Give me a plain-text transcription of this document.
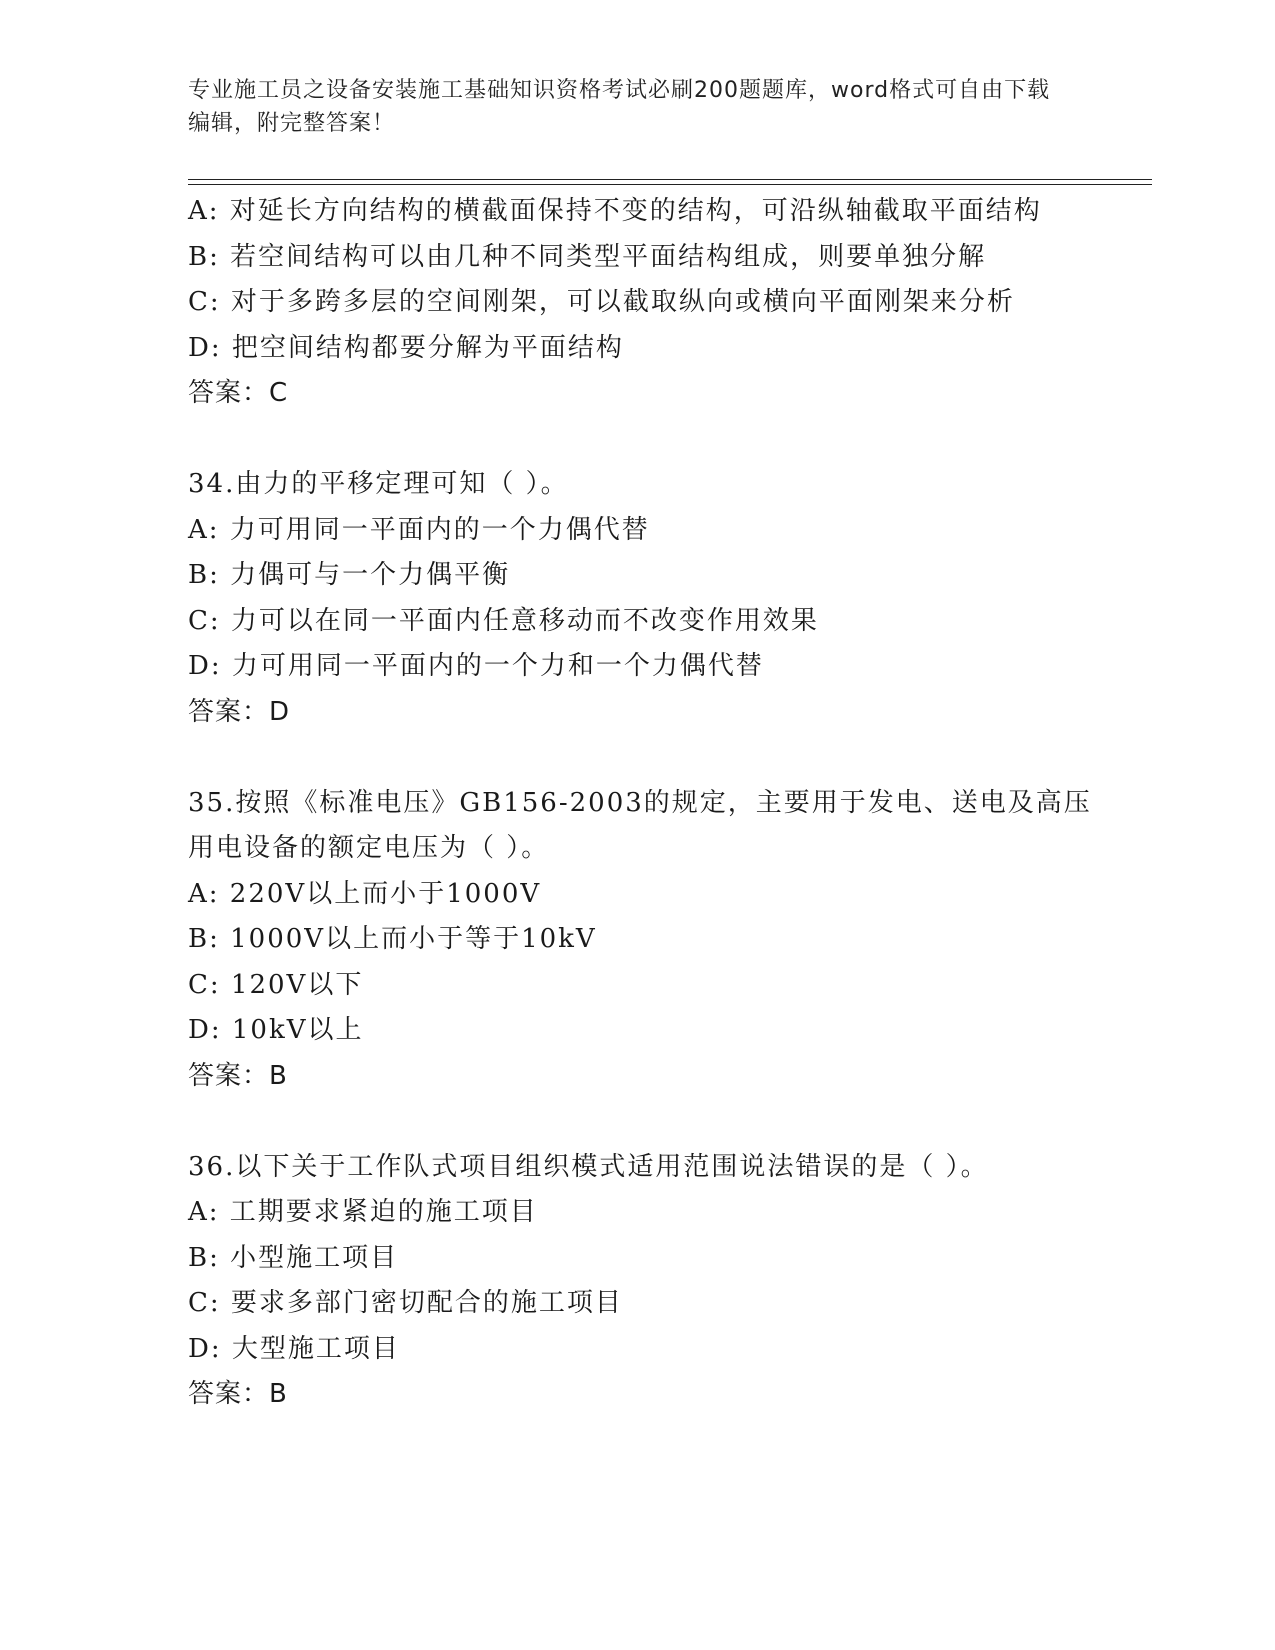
专业施工员之设备安装施工基础知识资格考试必刷200题题库，word格式可自由下载编辑，附完整答案！
A: 对延长方向结构的横截面保持不变的结构，可沿纵轴截取平面结构
B: 若空间结构可以由几种不同类型平面结构组成，则要单独分解
C: 对于多跨多层的空间刚架，可以截取纵向或横向平面刚架来分析
D: 把空间结构都要分解为平面结构
答案：C
34.由力的平移定理可知（ ）。
A: 力可用同一平面内的一个力偶代替
B: 力偶可与一个力偶平衡
C: 力可以在同一平面内任意移动而不改变作用效果
D: 力可用同一平面内的一个力和一个力偶代替
答案：D
35.按照《标准电压》GB156-2003的规定，主要用于发电、送电及高压
用电设备的额定电压为（ ）。
A: 220V以上而小于1000V
B: 1000V以上而小于等于10kV
C: 120V以下
D: 10kV以上
答案：B
36.以下关于工作队式项目组织模式适用范围说法错误的是（ ）。
A: 工期要求紧迫的施工项目
B: 小型施工项目
C: 要求多部门密切配合的施工项目
D: 大型施工项目
答案：B
